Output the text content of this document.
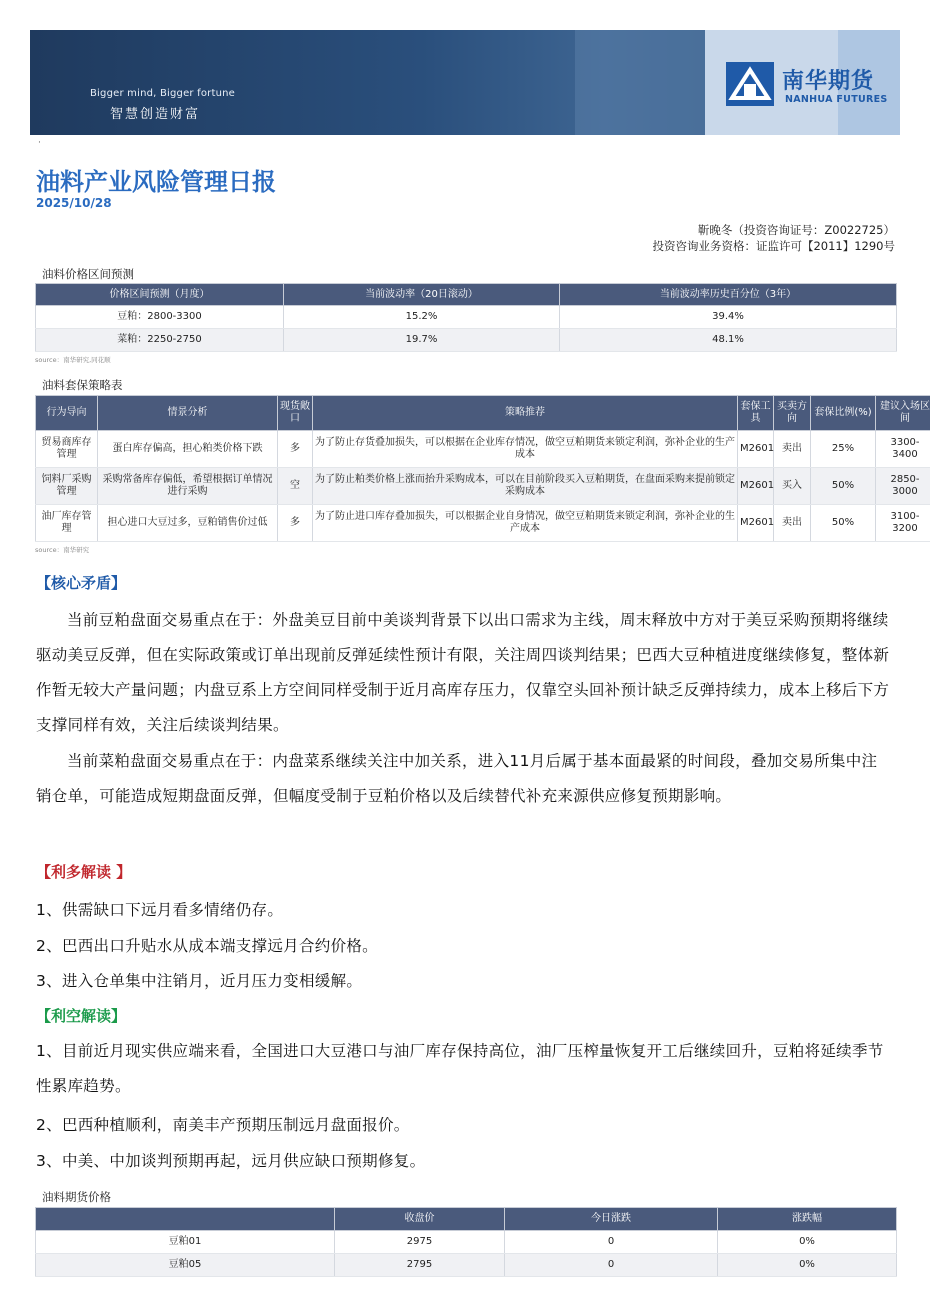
Bigger mind, Bigger fortune
智慧创造财富
南华期货
NANHUA FUTURES
·
油料产业风险管理日报
2025/10/28
靳晚冬（投资咨询证号：Z0022725）
投资咨询业务资格：证监许可【2011】1290号
油料价格区间预测
价格区间预测（月度）	当前波动率（20日滚动）	当前波动率历史百分位（3年）
豆粕：2800-3300	15.2%	39.4%
菜粕：2250-2750	19.7%	48.1%
source：南华研究,同花顺
油料套保策略表
行为导向	情景分析	现货敞口	策略推荐	套保工具	买卖方向	套保比例(%)	建议入场区间
贸易商库存管理	蛋白库存偏高，担心粕类价格下跌	多	为了防止存货叠加损失，可以根据在企业库存情况，做空豆粕期货来锁定利润，弥补企业的生产成本	M2601	卖出	25%	3300-3400
饲料厂采购管理	采购常备库存偏低，希望根据订单情况进行采购	空	为了防止粕类价格上涨而抬升采购成本，可以在目前阶段买入豆粕期货，在盘面采购来提前锁定采购成本	M2601	买入	50%	2850-3000
油厂库存管理	担心进口大豆过多，豆粕销售价过低	多	为了防止进口库存叠加损失，可以根据企业自身情况，做空豆粕期货来锁定利润，弥补企业的生产成本	M2601	卖出	50%	3100-3200
source：南华研究
【核心矛盾】
当前豆粕盘面交易重点在于：外盘美豆目前中美谈判背景下以出口需求为主线，周末释放中方对于美豆采购预期将继续驱动美豆反弹，但在实际政策或订单出现前反弹延续性预计有限，关注周四谈判结果；巴西大豆种植进度继续修复，整体新作暂无较大产量问题；内盘豆系上方空间同样受制于近月高库存压力，仅靠空头回补预计缺乏反弹持续力，成本上移后下方支撑同样有效，关注后续谈判结果。
当前菜粕盘面交易重点在于：内盘菜系继续关注中加关系，进入11月后属于基本面最紧的时间段，叠加交易所集中注销仓单，可能造成短期盘面反弹，但幅度受制于豆粕价格以及后续替代补充来源供应修复预期影响。
【利多解读 】
1、供需缺口下远月看多情绪仍存。
2、巴西出口升贴水从成本端支撑远月合约价格。
3、进入仓单集中注销月，近月压力变相缓解。
【利空解读】
1、目前近月现实供应端来看，全国进口大豆港口与油厂库存保持高位，油厂压榨量恢复开工后继续回升，豆粕将延续季节性累库趋势。
2、巴西种植顺利，南美丰产预期压制远月盘面报价。
3、中美、中加谈判预期再起，远月供应缺口预期修复。
油料期货价格
	收盘价	今日涨跌	涨跌幅
豆粕01	2975	0	0%
豆粕05	2795	0	0%
